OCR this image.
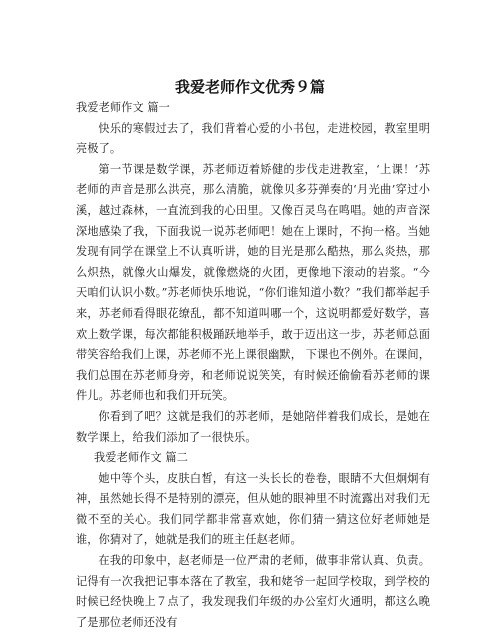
我爱老师作文优秀９篇

我爱老师作文 篇一

快乐的寒假过去了，我们背着心爱的小书包，走进校园，教室里明亮极了。

第一节课是数学课，苏老师迈着矫健的步伐走进教室，‘上课！’苏老师的声音是那么洪亮，那么清脆，就像贝多芬弹奏的‘月光曲’穿过小溪，越过森林，一直流到我的心田里。又像百灵鸟在鸣唱。她的声音深深地感染了我，下面我说一说苏老师吧！她在上课时，不拘一格。当她发现有同学在课堂上不认真听讲，她的目光是那么酷热，那么炎热，那么炽热，就像火山爆发，就像燃烧的火团，更像地下滚动的岩浆。“今天咱们认识小数。”苏老师快乐地说，“你们谁知道小数？”我们都举起手来，苏老师看得眼花缭乱，都不知道叫哪一个，这说明都爱好数学，喜欢上数学课，每次都能积极踊跃地举手，敢于迈出这一步，苏老师总面带笑容给我们上课，苏老师不光上课很幽默， 下课也不例外。在课间，我们总围在苏老师身旁，和老师说说笑笑，有时候还偷偷看苏老师的课件儿。苏老师也和我们开玩笑。

你看到了吧？这就是我们的苏老师，是她陪伴着我们成长，是她在数学课上，给我们添加了一很快乐。

我爱老师作文 篇二

她中等个头，皮肤白皙，有这一头长长的卷卷，眼睛不大但炯炯有神，虽然她长得不是特别的漂亮，但从她的眼神里不时流露出对我们无微不至的关心。我们同学都非常喜欢她，你们猜一猜这位好老师她是谁，你猜对了，她就是我们的班主任赵老师。

在我的印象中，赵老师是一位严肃的老师，做事非常认真、负责。记得有一次我把记事本落在了教室，我和姥爷一起回学校取，到学校的时候已经快晚上７点了，我发现我们年级的办公室灯火通明，都这么晚了是那位老师还没有
